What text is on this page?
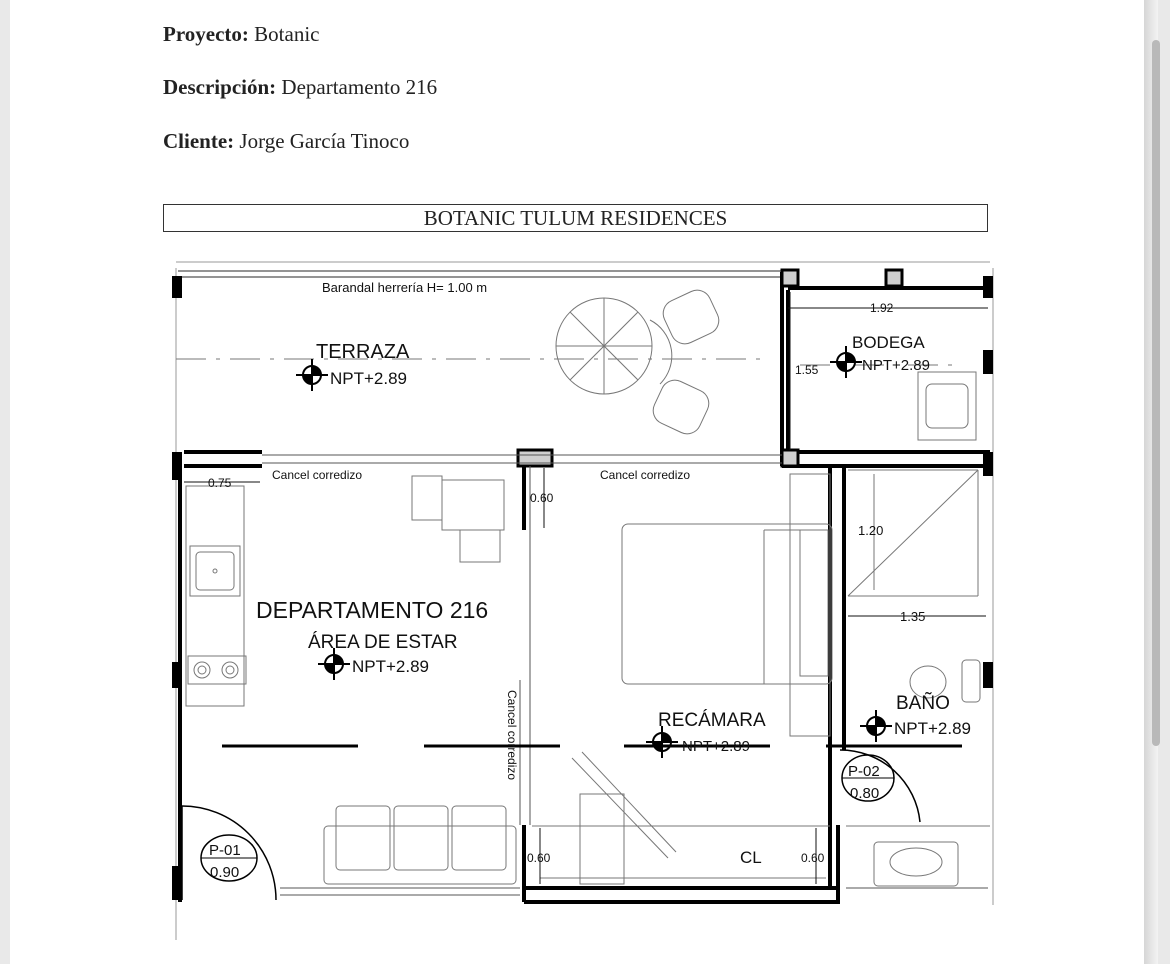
Proyecto: Botanic
Descripción: Departamento 216
Cliente: Jorge García Tinoco
BOTANIC TULUM RESIDENCES
Barandal herrería H= 1.00 m
TERRAZA
NPT+2.89
BODEGA
NPT+2.89
1.92
1.55
0.75
Cancel corredizo	Cancel corredizo
0.60
1.20
1.35
DEPARTAMENTO 216
ÁREA DE ESTAR
NPT+2.89
Cancel corredizo	RECÁMARA
NPT+2.89
BAÑO
NPT+2.89
P-02
0.80
P-01
0.90
0.60	CL	0.60
